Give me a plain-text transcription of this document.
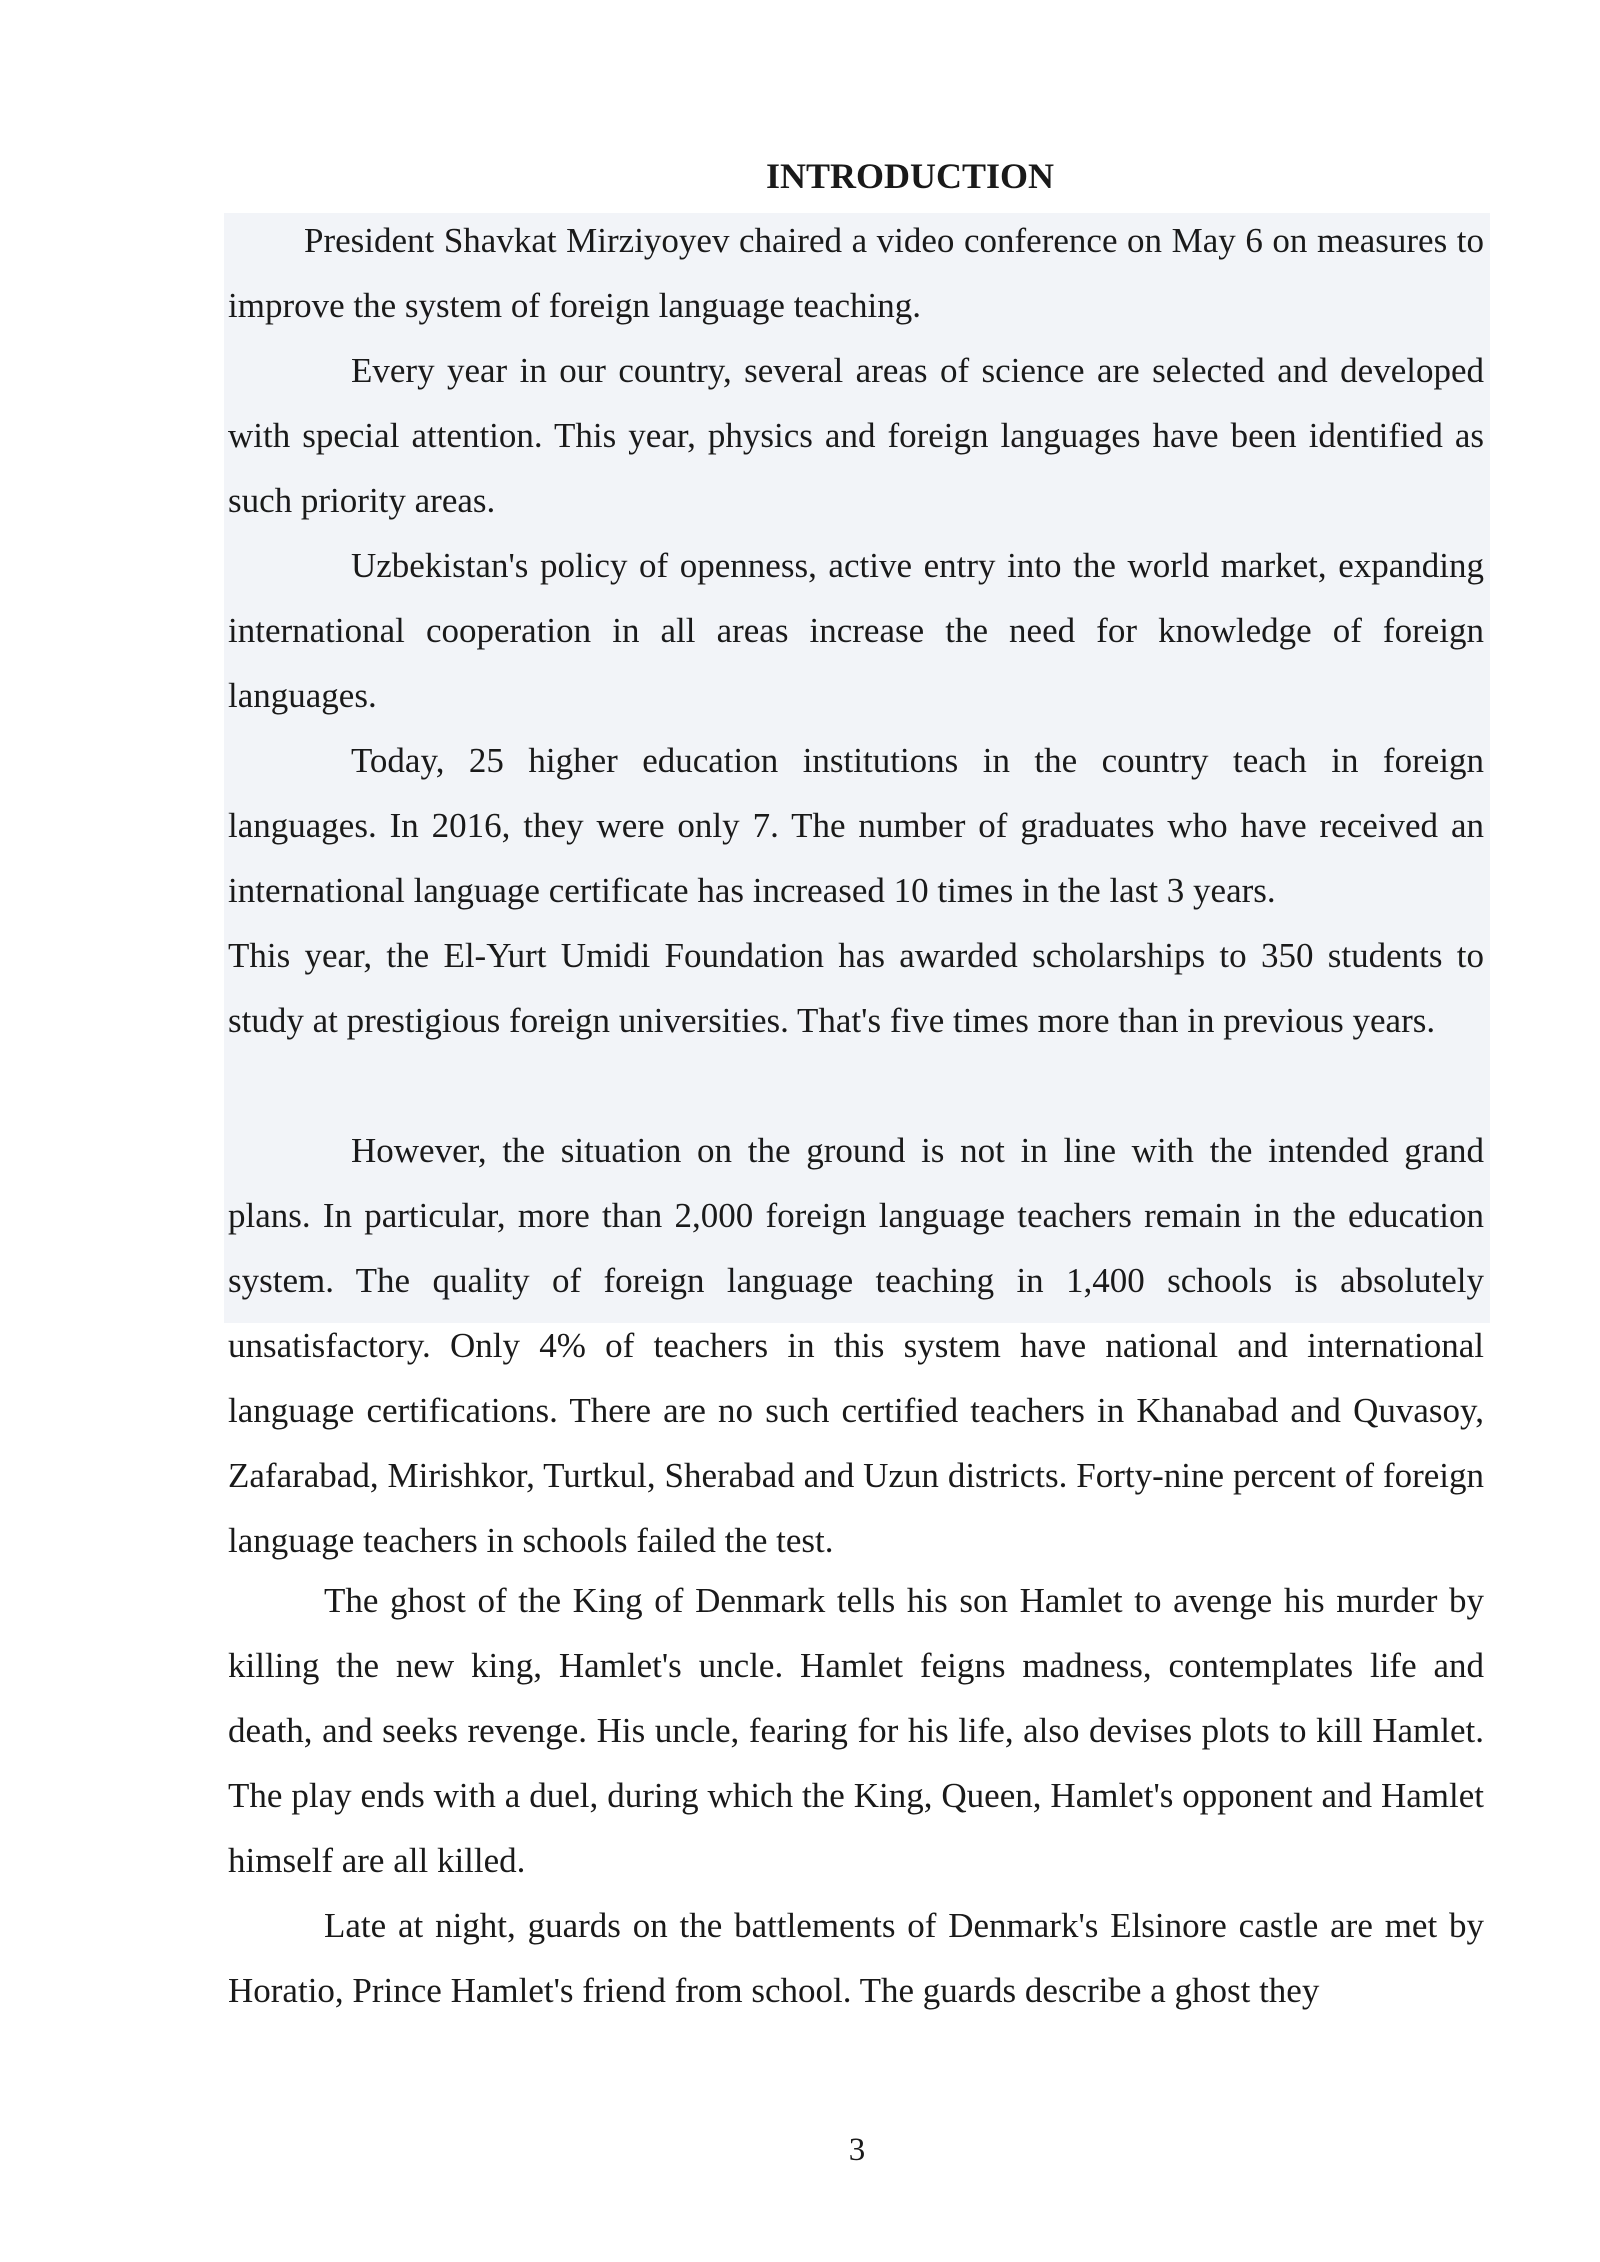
INTRODUCTION

President Shavkat Mirziyoyev chaired a video conference on May 6 on measures to improve the system of foreign language teaching.

Every year in our country, several areas of science are selected and developed with special attention. This year, physics and foreign languages have been identified as such priority areas.

Uzbekistan's policy of openness, active entry into the world market, expanding international cooperation in all areas increase the need for knowledge of foreign languages.

Today, 25 higher education institutions in the country teach in foreign languages. In 2016, they were only 7. The number of graduates who have received an international language certificate has increased 10 times in the last 3 years.

This year, the El-Yurt Umidi Foundation has awarded scholarships to 350 students to study at prestigious foreign universities. That's five times more than in previous years.

However, the situation on the ground is not in line with the intended grand plans. In particular, more than 2,000 foreign language teachers remain in the education system. The quality of foreign language teaching in 1,400 schools is absolutely unsatisfactory. Only 4% of teachers in this system have national and international language certifications. There are no such certified teachers in Khanabad and Quvasoy, Zafarabad, Mirishkor, Turtkul, Sherabad and Uzun districts. Forty-nine percent of foreign language teachers in schools failed the test.

The ghost of the King of Denmark tells his son Hamlet to avenge his murder by killing the new king, Hamlet's uncle. Hamlet feigns madness, contemplates life and death, and seeks revenge. His uncle, fearing for his life, also devises plots to kill Hamlet. The play ends with a duel, during which the King, Queen, Hamlet's opponent and Hamlet himself are all killed.

Late at night, guards on the battlements of Denmark's Elsinore castle are met by Horatio, Prince Hamlet's friend from school. The guards describe a ghost they

3
